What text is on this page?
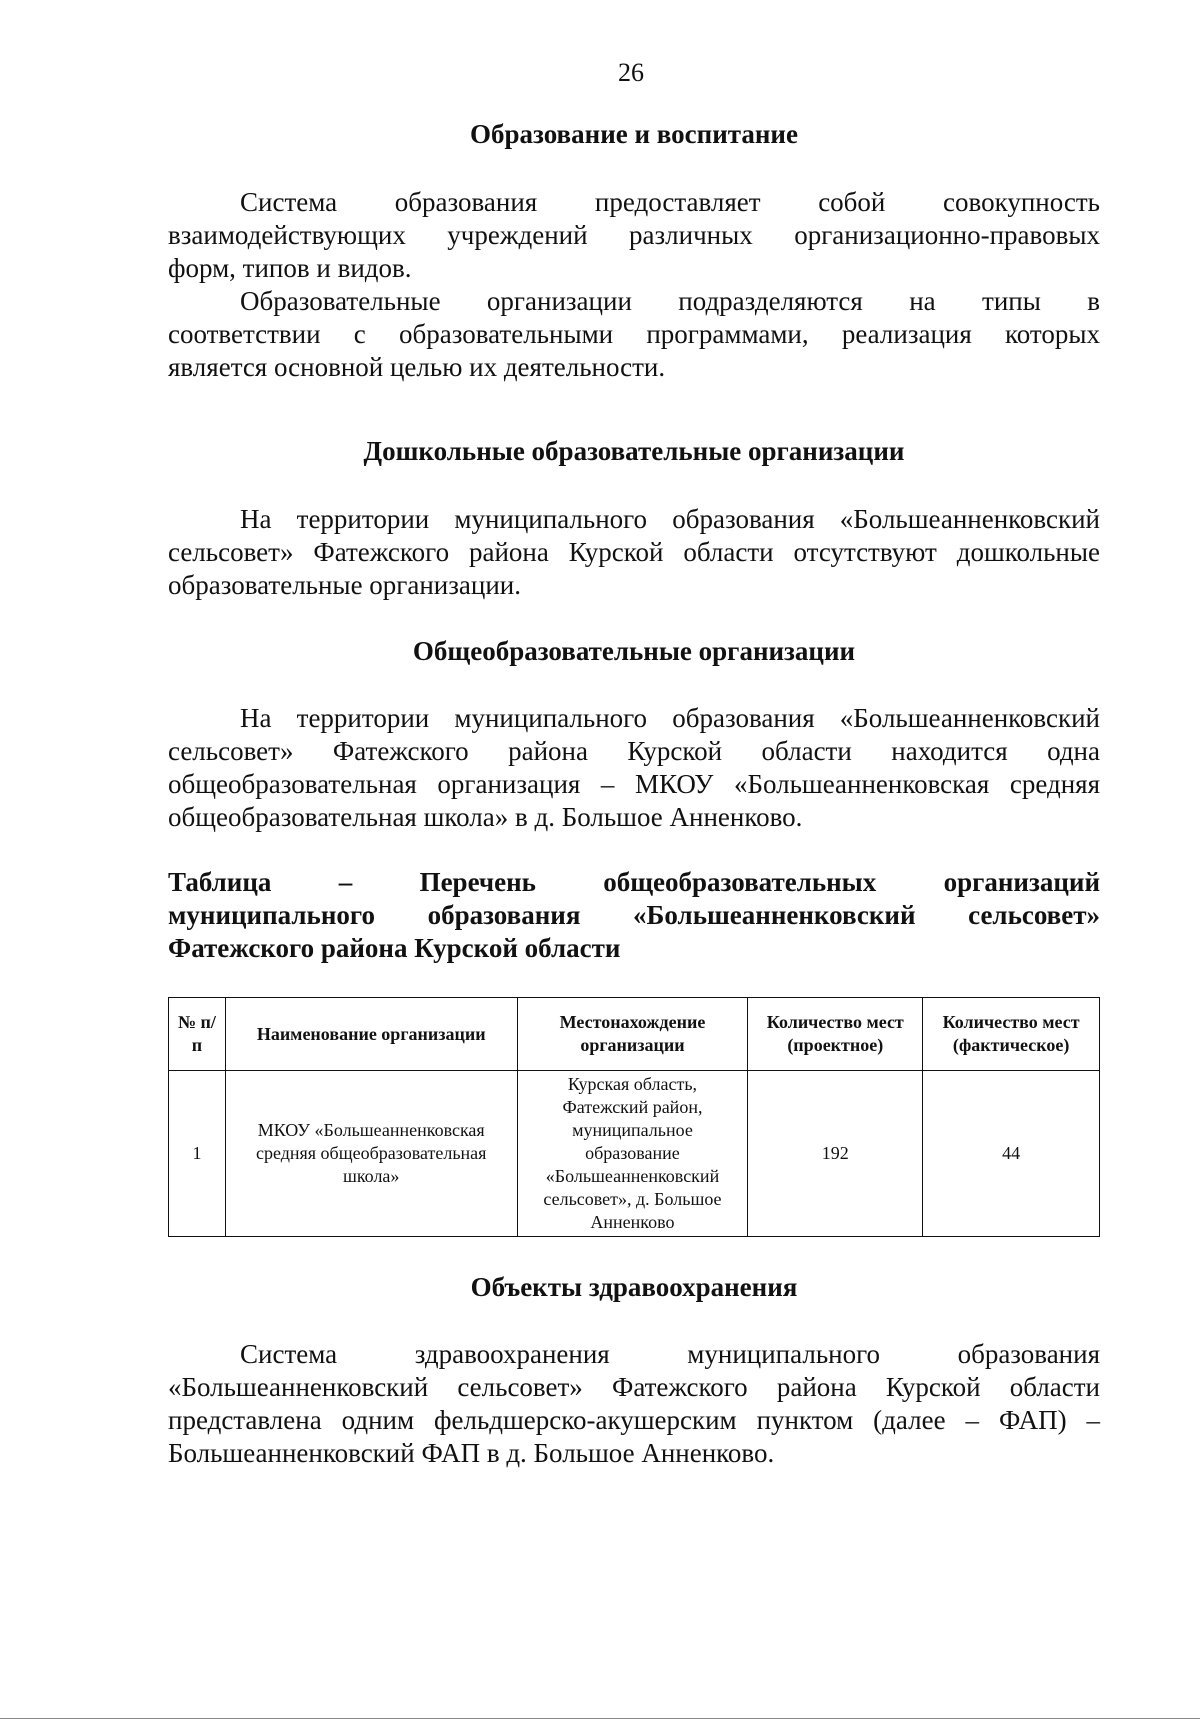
26
Образование и воспитание
Система образования предоставляет собой совокупность
взаимодействующих учреждений различных организационно-правовых
форм, типов и видов.
Образовательные организации подразделяются на типы в
соответствии с образовательными программами, реализация которых
является основной целью их деятельности.
Дошкольные образовательные организации
На территории муниципального образования «Большеанненковский
сельсовет» Фатежского района Курской области отсутствуют дошкольные
образовательные организации.
Общеобразовательные организации
На территории муниципального образования «Большеанненковский
сельсовет» Фатежского района Курской области находится одна
общеобразовательная организация – МКОУ «Большеанненковская средняя
общеобразовательная школа» в д. Большое Анненково.
Таблица – Перечень общеобразовательных организаций
муниципального образования «Большеанненковский сельсовет»
Фатежского района Курской области
№ п/п	Наименование организации	Местонахождение организации	Количество мест (проектное)	Количество мест (фактическое)
1	МКОУ «Большеанненковская средняя общеобразовательная школа»	Курская область, Фатежский район, муниципальное образование «Большеанненковский сельсовет», д. Большое Анненково	192	44
Объекты здравоохранения
Система здравоохранения муниципального образования
«Большеанненковский сельсовет» Фатежского района Курской области
представлена одним фельдшерско-акушерским пунктом (далее – ФАП) –
Большеанненковский ФАП в д. Большое Анненково.
